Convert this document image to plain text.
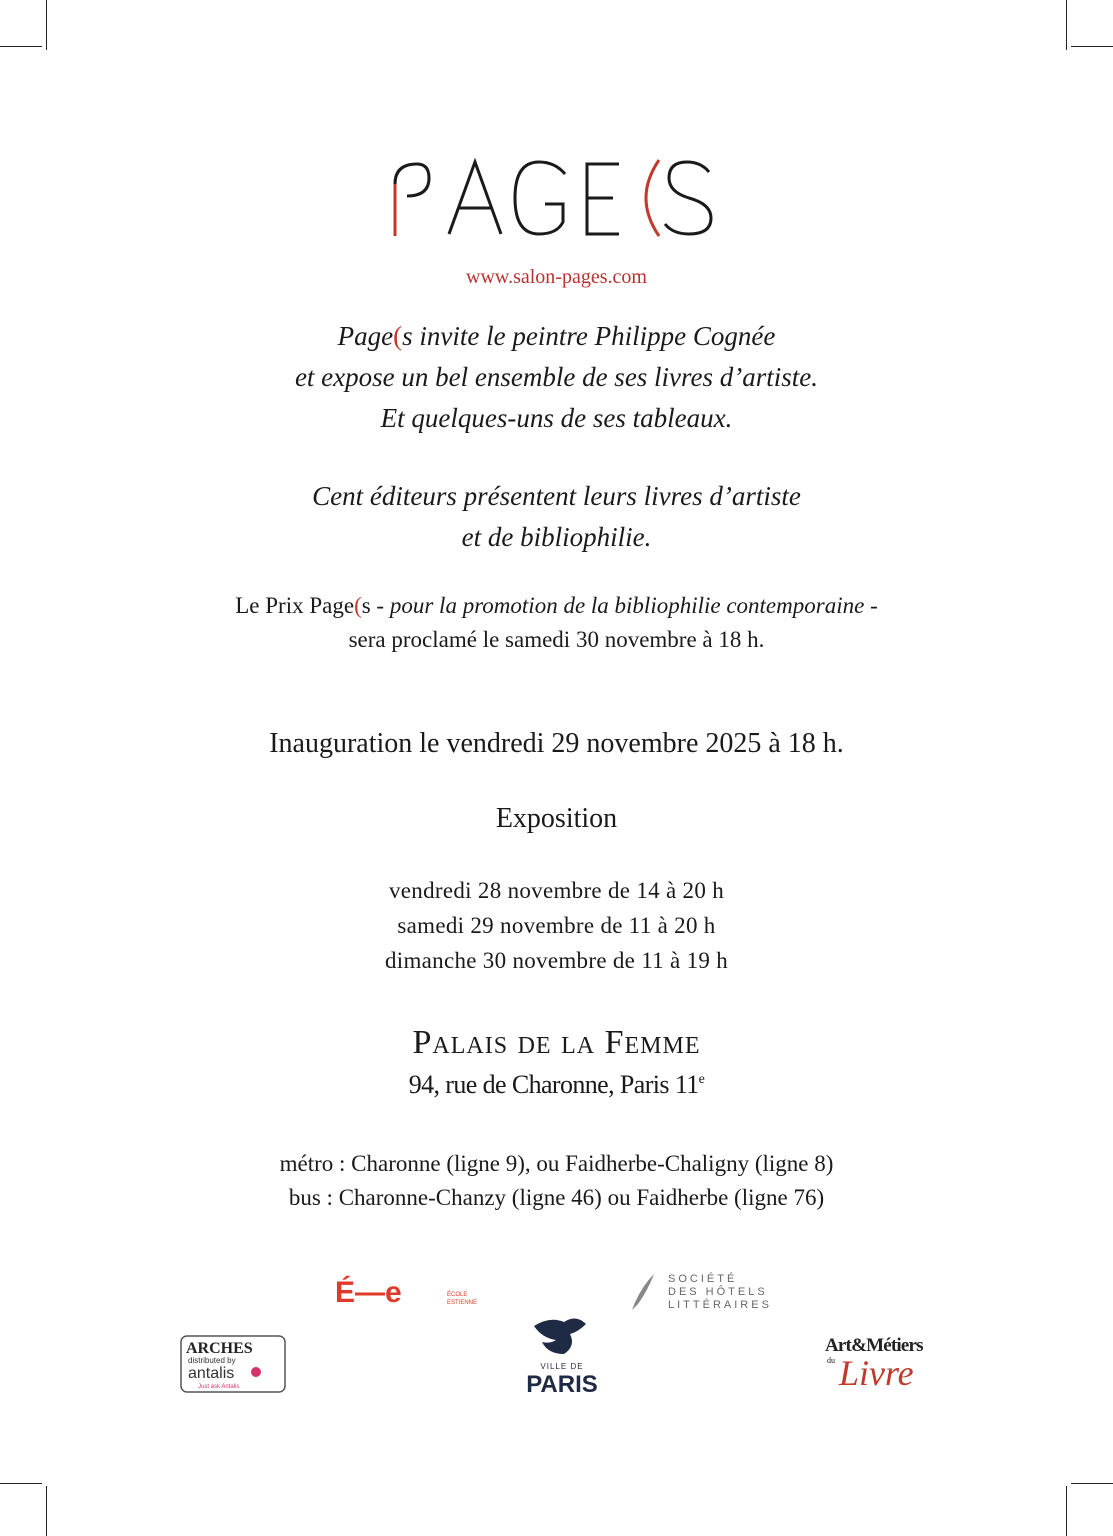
www.salon-pages.com
Page(s invite le peintre Philippe Cognée
et expose un bel ensemble de ses livres d’artiste.
Et quelques-uns de ses tableaux.
Cent éditeurs présentent leurs livres d’artiste
et de bibliophilie.
Le Prix Page(s - pour la promotion de la bibliophilie contemporaine -
sera proclamé le samedi 30 novembre à 18 h.
Inauguration le vendredi 29 novembre 2025 à 18 h.
Exposition
vendredi 28 novembre de 14 à 20 h
samedi 29 novembre de 11 à 20 h
dimanche 30 novembre de 11 à 19 h
Palais de la Femme
94, rue de Charonne, Paris 11e
métro : Charonne (ligne 9), ou Faidherbe-Chaligny (ligne 8)
bus : Charonne-Chanzy (ligne 46) ou Faidherbe (ligne 76)
É—e	ÉCOLE
ESTIENNE
SOCIÉTÉ
DES HÔTELS
LITTÉRAIRES
ARCHES
distributed by
antalis
Just ask Antalis
VILLE DE
PARIS
Art&Métiers
du Livre
